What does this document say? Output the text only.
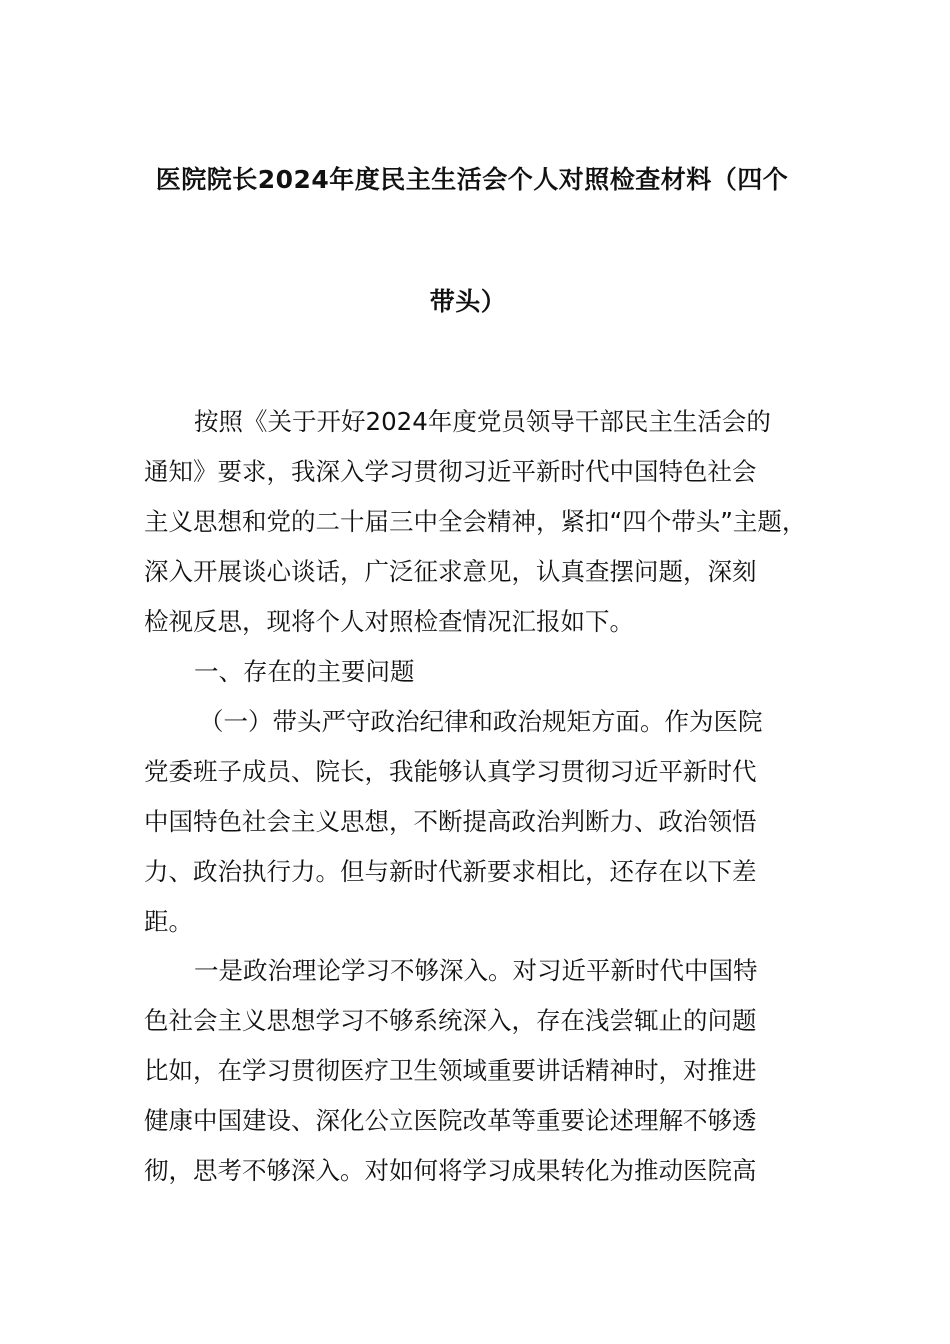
医院院长2024年度民主生活会个人对照检查材料（四个
带头）
按照《关于开好2024年度党员领导干部民主生活会的
通知》要求，我深入学习贯彻习近平新时代中国特色社会
主义思想和党的二十届三中全会精神，紧扣“四个带头”主题，
深入开展谈心谈话，广泛征求意见，认真查摆问题，深刻
检视反思，现将个人对照检查情况汇报如下。
一、存在的主要问题
（一）带头严守政治纪律和政治规矩方面。作为医院
党委班子成员、院长，我能够认真学习贯彻习近平新时代
中国特色社会主义思想，不断提高政治判断力、政治领悟
力、政治执行力。但与新时代新要求相比，还存在以下差
距。
一是政治理论学习不够深入。对习近平新时代中国特
色社会主义思想学习不够系统深入，存在浅尝辄止的问题
比如，在学习贯彻医疗卫生领域重要讲话精神时，对推进
健康中国建设、深化公立医院改革等重要论述理解不够透
彻，思考不够深入。对如何将学习成果转化为推动医院高
